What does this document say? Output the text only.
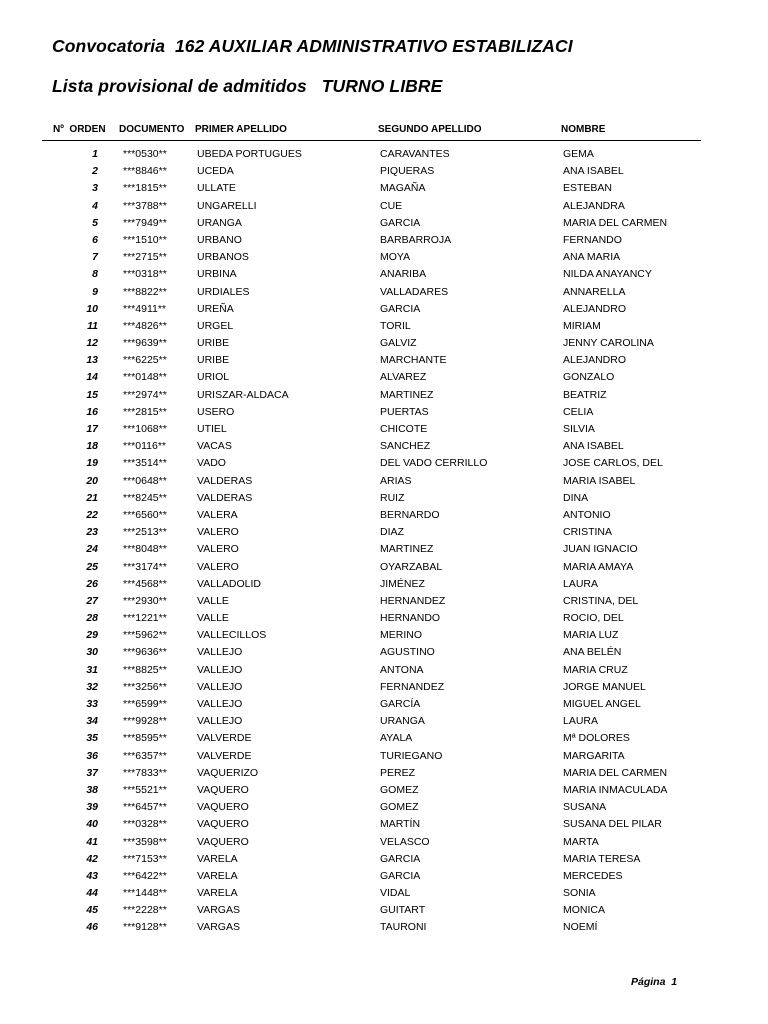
Convocatoria  162 AUXILIAR ADMINISTRATIVO ESTABILIZACI
Lista provisional de admitidos   TURNO LIBRE
Nº  ORDEN DOCUMENTO PRIMER APELLIDO	SEGUNDO APELLIDO	NOMBRE
1 ***0530**	UBEDA PORTUGUES	CARAVANTES	GEMA
2 ***8846**	UCEDA	PIQUERAS	ANA ISABEL
3 ***1815**	ULLATE	MAGAÑA	ESTEBAN
4 ***3788**	UNGARELLI	CUE	ALEJANDRA
5 ***7949**	URANGA	GARCIA	MARIA DEL CARMEN
6 ***1510**	URBANO	BARBARROJA	FERNANDO
7 ***2715**	URBANOS	MOYA	ANA MARIA
8 ***0318**	URBINA	ANARIBA	NILDA ANAYANCY
9 ***8822**	URDIALES	VALLADARES	ANNARELLA
10 ***4911**	UREÑA	GARCIA	ALEJANDRO
11 ***4826**	URGEL	TORIL	MIRIAM
12 ***9639**	URIBE	GALVIZ	JENNY CAROLINA
13 ***6225**	URIBE	MARCHANTE	ALEJANDRO
14 ***0148**	URIOL	ALVAREZ	GONZALO
15 ***2974**	URISZAR-ALDACA	MARTINEZ	BEATRIZ
16 ***2815**	USERO	PUERTAS	CELIA
17 ***1068**	UTIEL	CHICOTE	SILVIA
18 ***0116**	VACAS	SANCHEZ	ANA ISABEL
19 ***3514**	VADO	DEL VADO CERRILLO	JOSE CARLOS, DEL
20 ***0648**	VALDERAS	ARIAS	MARIA ISABEL
21 ***8245**	VALDERAS	RUIZ	DINA
22 ***6560**	VALERA	BERNARDO	ANTONIO
23 ***2513**	VALERO	DIAZ	CRISTINA
24 ***8048**	VALERO	MARTINEZ	JUAN IGNACIO
25 ***3174**	VALERO	OYARZABAL	MARIA AMAYA
26 ***4568**	VALLADOLID	JIMÉNEZ	LAURA
27 ***2930**	VALLE	HERNANDEZ	CRISTINA, DEL
28 ***1221**	VALLE	HERNANDO	ROCIO, DEL
29 ***5962**	VALLECILLOS	MERINO	MARIA LUZ
30 ***9636**	VALLEJO	AGUSTINO	ANA BELÉN
31 ***8825**	VALLEJO	ANTONA	MARIA CRUZ
32 ***3256**	VALLEJO	FERNANDEZ	JORGE MANUEL
33 ***6599**	VALLEJO	GARCÍA	MIGUEL ANGEL
34 ***9928**	VALLEJO	URANGA	LAURA
35 ***8595**	VALVERDE	AYALA	Mª DOLORES
36 ***6357**	VALVERDE	TURIEGANO	MARGARITA
37 ***7833**	VAQUERIZO	PEREZ	MARIA DEL CARMEN
38 ***5521**	VAQUERO	GOMEZ	MARIA INMACULADA
39 ***6457**	VAQUERO	GOMEZ	SUSANA
40 ***0328**	VAQUERO	MARTÍN	SUSANA DEL PILAR
41 ***3598**	VAQUERO	VELASCO	MARTA
42 ***7153**	VARELA	GARCIA	MARIA TERESA
43 ***6422**	VARELA	GARCIA	MERCEDES
44 ***1448**	VARELA	VIDAL	SONIA
45 ***2228**	VARGAS	GUITART	MONICA
46 ***9128**	VARGAS	TAURONI	NOEMÍ
Página  1
